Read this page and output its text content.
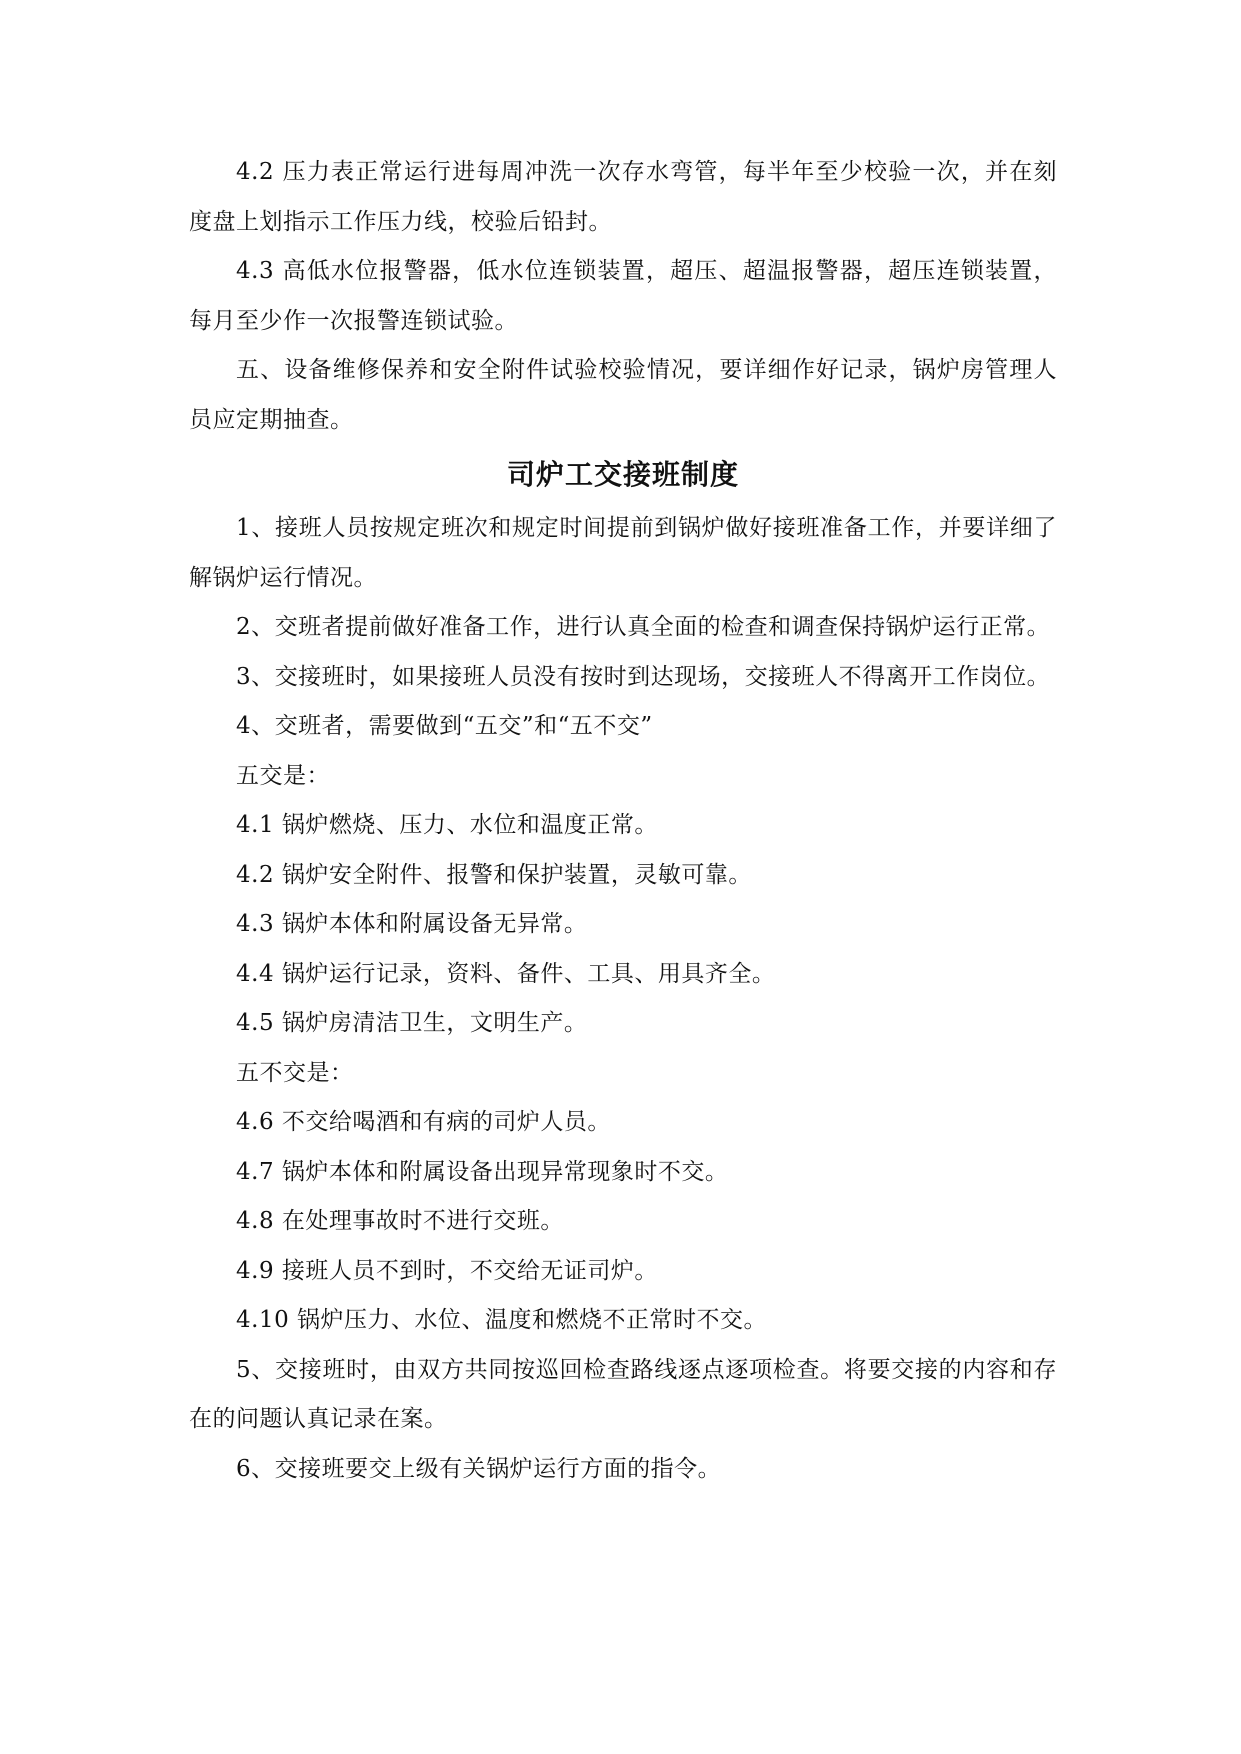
4.2 压力表正常运行进每周冲洗一次存水弯管，每半年至少校验一次，并在刻度盘上划指示工作压力线，校验后铅封。

4.3 高低水位报警器，低水位连锁装置，超压、超温报警器，超压连锁装置，每月至少作一次报警连锁试验。

五、设备维修保养和安全附件试验校验情况，要详细作好记录，锅炉房管理人员应定期抽查。

司炉工交接班制度

1、接班人员按规定班次和规定时间提前到锅炉做好接班准备工作，并要详细了解锅炉运行情况。

2、交班者提前做好准备工作，进行认真全面的检查和调查保持锅炉运行正常。

3、交接班时，如果接班人员没有按时到达现场，交接班人不得离开工作岗位。

4、交班者，需要做到“五交”和“五不交”

五交是：

4.1 锅炉燃烧、压力、水位和温度正常。

4.2 锅炉安全附件、报警和保护装置，灵敏可靠。

4.3 锅炉本体和附属设备无异常。

4.4 锅炉运行记录，资料、备件、工具、用具齐全。

4.5 锅炉房清洁卫生，文明生产。

五不交是：

4.6 不交给喝酒和有病的司炉人员。

4.7 锅炉本体和附属设备出现异常现象时不交。

4.8 在处理事故时不进行交班。

4.9 接班人员不到时，不交给无证司炉。

4.10 锅炉压力、水位、温度和燃烧不正常时不交。

5、交接班时，由双方共同按巡回检查路线逐点逐项检查。将要交接的内容和存在的问题认真记录在案。

6、交接班要交上级有关锅炉运行方面的指令。
